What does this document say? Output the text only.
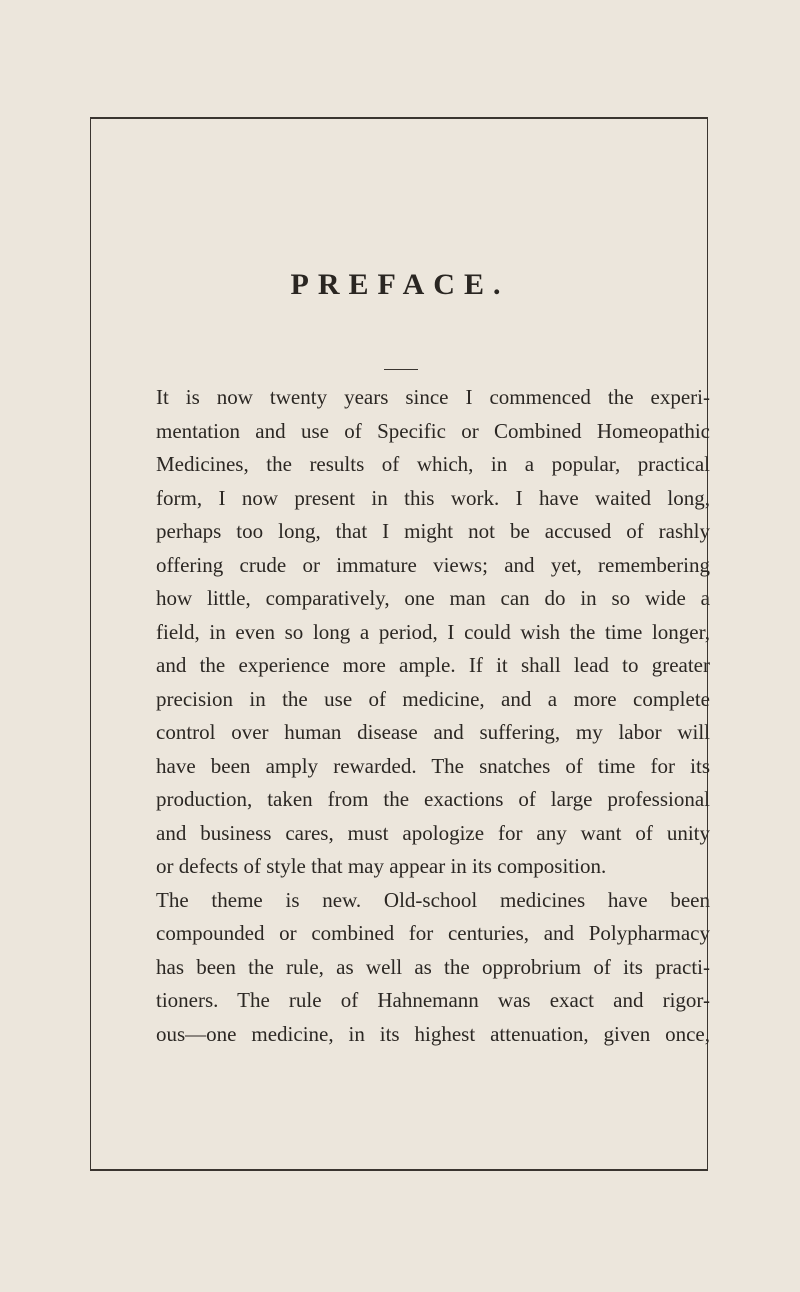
PREFACE.
It is now twenty years since I commenced the experi-
mentation and use of Specific or Combined Homeopathic
Medicines, the results of which, in a popular, practical
form, I now present in this work. I have waited long,
perhaps too long, that I might not be accused of rashly
offering crude or immature views; and yet, remembering
how little, comparatively, one man can do in so wide a
field, in even so long a period, I could wish the time longer,
and the experience more ample. If it shall lead to greater
precision in the use of medicine, and a more complete
control over human disease and suffering, my labor will
have been amply rewarded. The snatches of time for its
production, taken from the exactions of large professional
and business cares, must apologize for any want of unity
or defects of style that may appear in its composition.
The theme is new. Old-school medicines have been
compounded or combined for centuries, and Polypharmacy
has been the rule, as well as the opprobrium of its practi-
tioners. The rule of Hahnemann was exact and rigor-
ous—one medicine, in its highest attenuation, given once,
